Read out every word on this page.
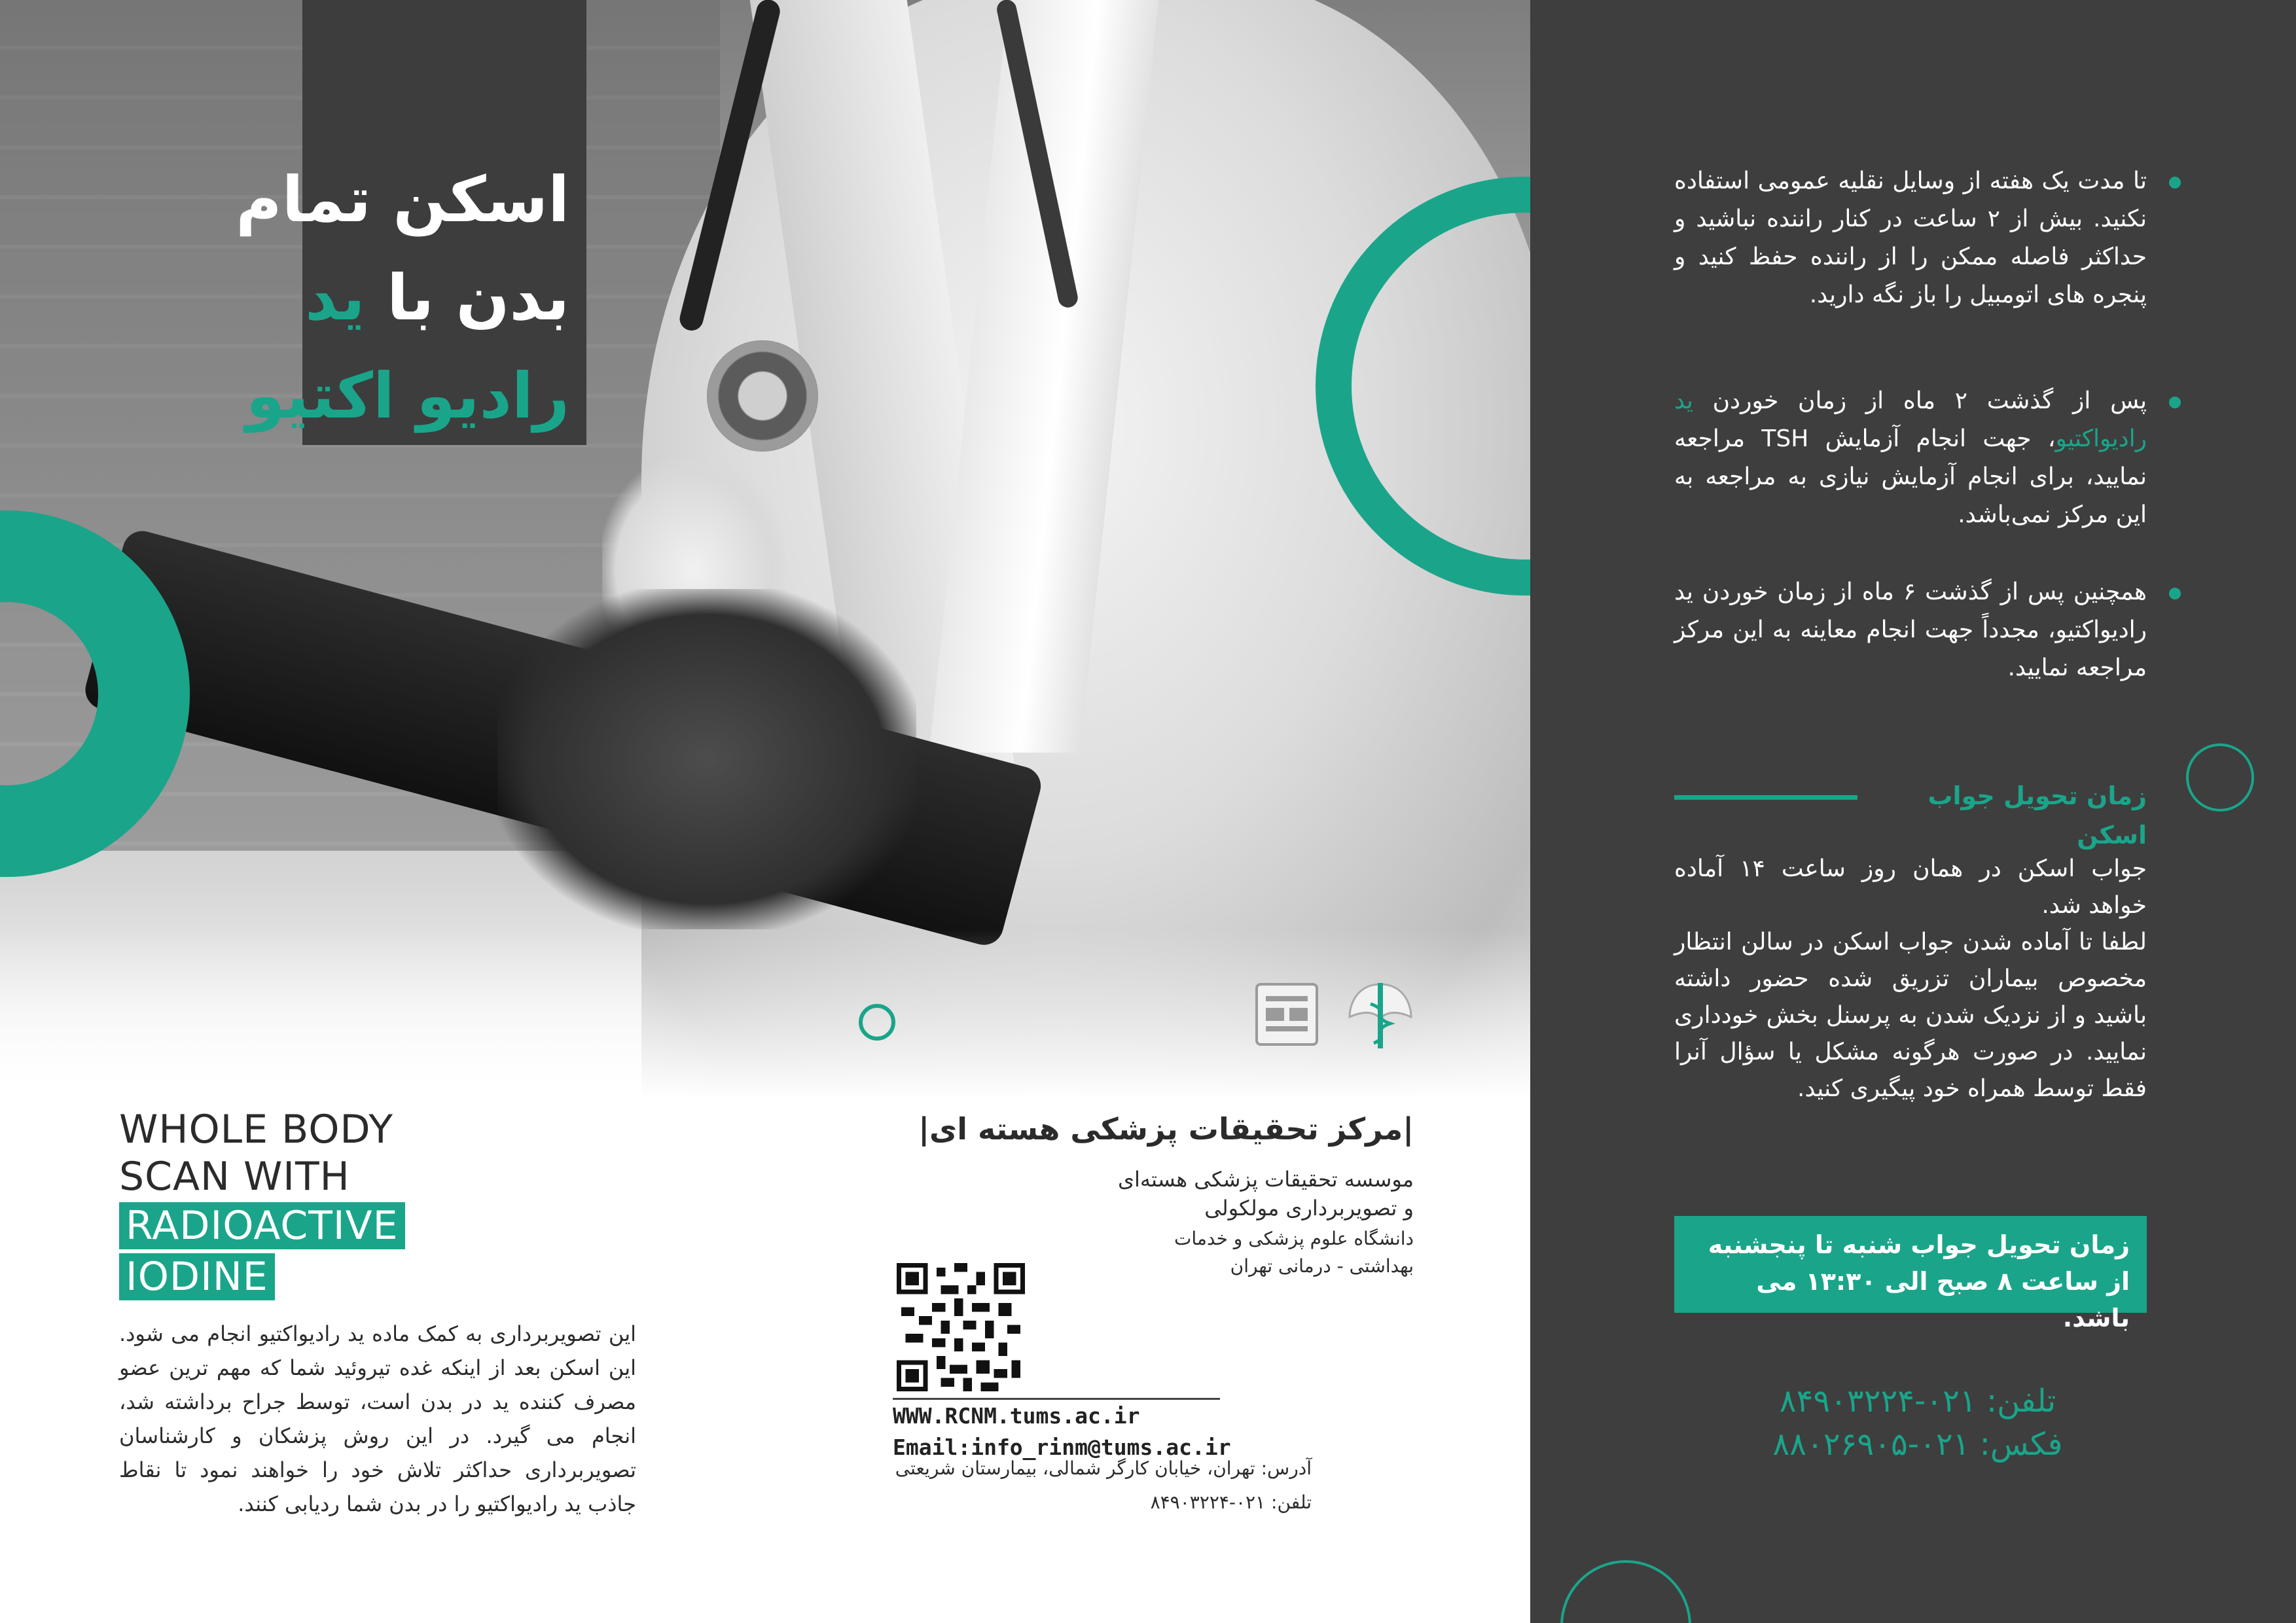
اسکن تمام
بدن با ید
رادیو اکتیو

تا مدت یک هفته از وسایل نقلیه عمومی استفاده نکنید. بیش از ۲ ساعت در کنار راننده نباشید و حداکثر فاصله ممکن را از راننده حفظ کنید و پنجره های اتومبیل را باز نگه دارید.

پس از گذشت ۲ ماه از زمان خوردن ید رادیواکتیو، جهت انجام آزمایش TSH مراجعه نمایید، برای انجام آزمایش نیازی به مراجعه به این مرکز نمی‌باشد.

همچنین پس از گذشت ۶ ماه از زمان خوردن ید رادیواکتیو، مجدداً جهت انجام معاینه به این مرکز مراجعه نمایید.

زمان تحویل جواب اسکن

جواب اسکن در همان روز ساعت ۱۴ آماده خواهد شد.

لطفا تا آماده شدن جواب اسکن در سالن انتظار مخصوص بیماران تزریق شده حضور داشته باشید و از نزدیک شدن به پرسنل بخش خودداری نمایید. در صورت هرگونه مشکل یا سؤال آنرا فقط توسط همراه خود پیگیری کنید.

زمان تحویل جواب شنبه تا پنجشنبه از ساعت ۸ صبح الی ۱۳:۳۰ می باشد.
تلفن: ۰۲۱-۸۴۹۰۳۲۲۴
فکس: ۰۲۱-۸۸۰۲۶۹۰۵
WHOLE BODY
SCAN WITH
RADIOACTIVE
IODINE

این تصویربرداری به کمک ماده ید رادیواکتیو انجام می شود. این اسکن بعد از اینکه غده تیروئید شما که مهم ترین عضو مصرف کننده ید در بدن است، توسط جراح برداشته شد، انجام می گیرد. در این روش پزشکان و کارشناسان تصویربرداری حداکثر تلاش خود را خواهند نمود تا نقاط جاذب ید رادیواکتیو را در بدن شما ردیابی کنند.

|مرکز تحقیقات پزشکی هسته ای|
موسسه تحقیقات پزشکی هسته‌ای
و تصویربرداری مولکولی
دانشگاه علوم پزشکی و خدمات
بهداشتی - درمانی تهران
WWW.RCNM.tums.ac.ir
Email:info_rinm@tums.ac.ir
آدرس: تهران، خیابان کارگر شمالی، بیمارستان شریعتی
تلفن: ۰۲۱-۸۴۹۰۳۲۲۴
